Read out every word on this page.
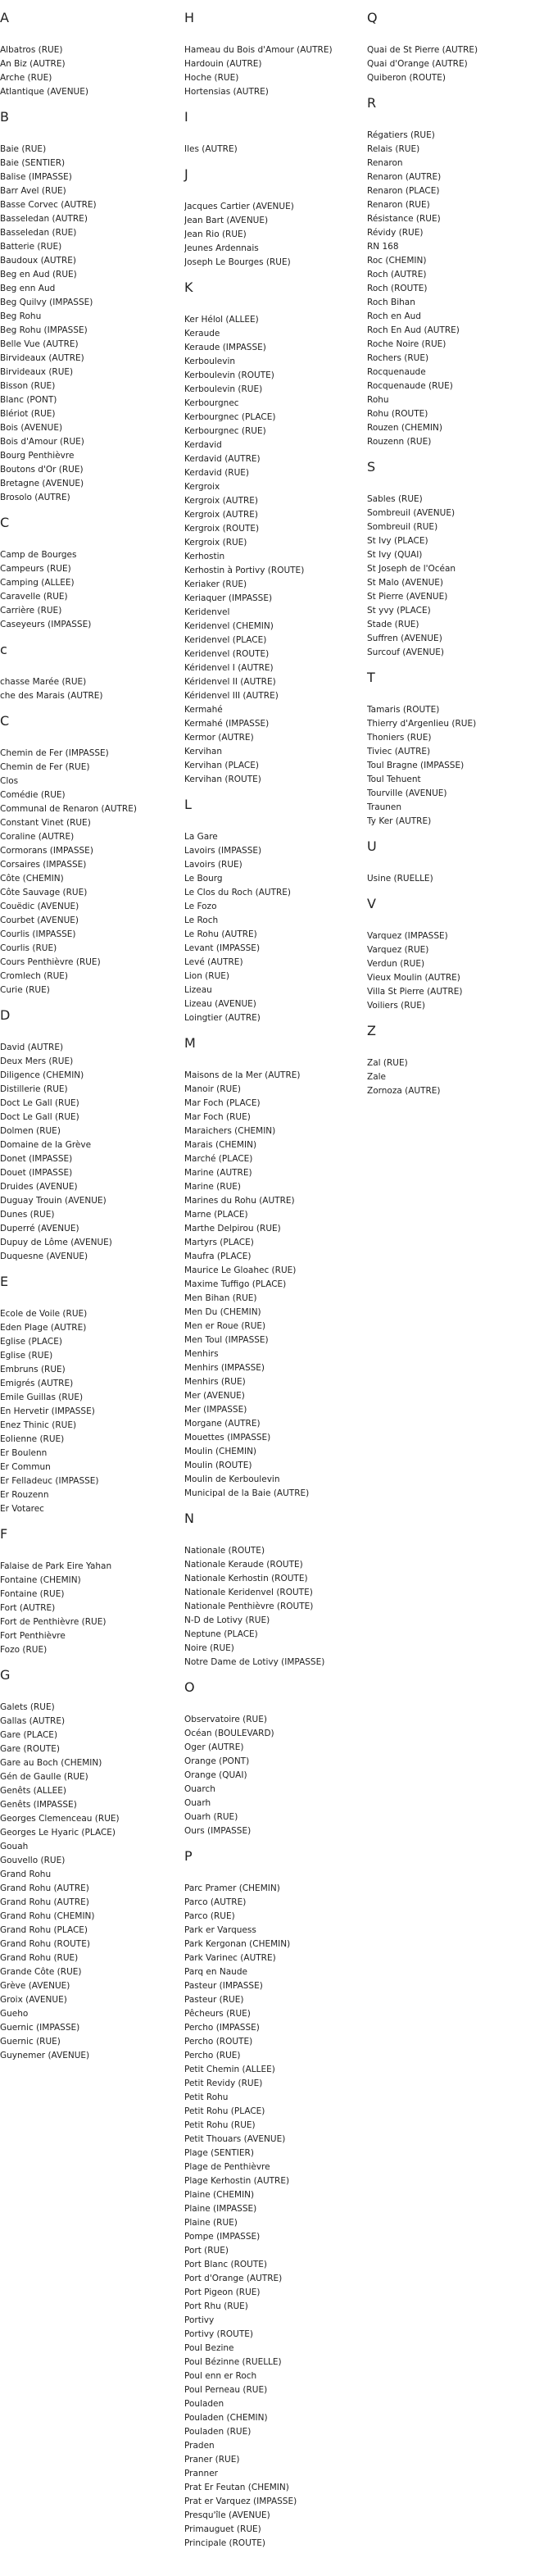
A
Albatros (RUE)
An Biz (AUTRE)
Arche (RUE)
Atlantique (AVENUE)
B
Baie (RUE)
Baie (SENTIER)
Balise (IMPASSE)
Barr Avel (RUE)
Basse Corvec (AUTRE)
Basseledan (AUTRE)
Basseledan (RUE)
Batterie (RUE)
Baudoux (AUTRE)
Beg en Aud (RUE)
Beg enn Aud
Beg Quilvy (IMPASSE)
Beg Rohu
Beg Rohu (IMPASSE)
Belle Vue (AUTRE)
Birvideaux (AUTRE)
Birvideaux (RUE)
Bisson (RUE)
Blanc (PONT)
Blériot (RUE)
Bois (AVENUE)
Bois d'Amour (RUE)
Bourg Penthièvre
Boutons d'Or (RUE)
Bretagne (AVENUE)
Brosolo (AUTRE)
C
Camp de Bourges
Campeurs (RUE)
Camping (ALLEE)
Caravelle (RUE)
Carrière (RUE)
Caseyeurs (IMPASSE)
c
chasse Marée (RUE)
che des Marais (AUTRE)
C
Chemin de Fer (IMPASSE)
Chemin de Fer (RUE)
Clos
Comédie (RUE)
Communal de Renaron (AUTRE)
Constant Vinet (RUE)
Coraline (AUTRE)
Cormorans (IMPASSE)
Corsaires (IMPASSE)
Côte (CHEMIN)
Côte Sauvage (RUE)
Couëdic (AVENUE)
Courbet (AVENUE)
Courlis (IMPASSE)
Courlis (RUE)
Cours Penthièvre (RUE)
Cromlech (RUE)
Curie (RUE)
D
David (AUTRE)
Deux Mers (RUE)
Diligence (CHEMIN)
Distillerie (RUE)
Doct Le Gall (RUE)
Doct Le Gall (RUE)
Dolmen (RUE)
Domaine de la Grève
Donet (IMPASSE)
Douet (IMPASSE)
Druides (AVENUE)
Duguay Trouin (AVENUE)
Dunes (RUE)
Duperré (AVENUE)
Dupuy de Lôme (AVENUE)
Duquesne (AVENUE)
E
Ecole de Voile (RUE)
Eden Plage (AUTRE)
Eglise (PLACE)
Eglise (RUE)
Embruns (RUE)
Emigrés (AUTRE)
Emile Guillas (RUE)
En Hervetir (IMPASSE)
Enez Thinic (RUE)
Eolienne (RUE)
Er Boulenn
Er Commun
Er Felladeuc (IMPASSE)
Er Rouzenn
Er Votarec
F
Falaise de Park Eire Yahan
Fontaine (CHEMIN)
Fontaine (RUE)
Fort (AUTRE)
Fort de Penthièvre (RUE)
Fort Penthièvre
Fozo (RUE)
G
Galets (RUE)
Gallas (AUTRE)
Gare (PLACE)
Gare (ROUTE)
Gare au Boch (CHEMIN)
Gén de Gaulle (RUE)
Genêts (ALLEE)
Genêts (IMPASSE)
Georges Clemenceau (RUE)
Georges Le Hyaric (PLACE)
Gouah
Gouvello (RUE)
Grand Rohu
Grand Rohu (AUTRE)
Grand Rohu (AUTRE)
Grand Rohu (CHEMIN)
Grand Rohu (PLACE)
Grand Rohu (ROUTE)
Grand Rohu (RUE)
Grande Côte (RUE)
Grève (AVENUE)
Groix (AVENUE)
Gueho
Guernic (IMPASSE)
Guernic (RUE)
Guynemer (AVENUE)
H
Hameau du Bois d'Amour (AUTRE)
Hardouin (AUTRE)
Hoche (RUE)
Hortensias (AUTRE)
I
Iles (AUTRE)
J
Jacques Cartier (AVENUE)
Jean Bart (AVENUE)
Jean Rio (RUE)
Jeunes Ardennais
Joseph Le Bourges (RUE)
K
Ker Hélol (ALLEE)
Keraude
Keraude (IMPASSE)
Kerboulevin
Kerboulevin (ROUTE)
Kerboulevin (RUE)
Kerbourgnec
Kerbourgnec (PLACE)
Kerbourgnec (RUE)
Kerdavid
Kerdavid (AUTRE)
Kerdavid (RUE)
Kergroix
Kergroix (AUTRE)
Kergroix (AUTRE)
Kergroix (ROUTE)
Kergroix (RUE)
Kerhostin
Kerhostin à Portivy (ROUTE)
Keriaker (RUE)
Keriaquer (IMPASSE)
Keridenvel
Keridenvel (CHEMIN)
Keridenvel (PLACE)
Keridenvel (ROUTE)
Kéridenvel I (AUTRE)
Kéridenvel II (AUTRE)
Kéridenvel III (AUTRE)
Kermahé
Kermahé (IMPASSE)
Kermor (AUTRE)
Kervihan
Kervihan (PLACE)
Kervihan (ROUTE)
L
La Gare
Lavoirs (IMPASSE)
Lavoirs (RUE)
Le Bourg
Le Clos du Roch (AUTRE)
Le Fozo
Le Roch
Le Rohu (AUTRE)
Levant (IMPASSE)
Levé (AUTRE)
Lion (RUE)
Lizeau
Lizeau (AVENUE)
Loingtier (AUTRE)
M
Maisons de la Mer (AUTRE)
Manoir (RUE)
Mar Foch (PLACE)
Mar Foch (RUE)
Maraichers (CHEMIN)
Marais (CHEMIN)
Marché (PLACE)
Marine (AUTRE)
Marine (RUE)
Marines du Rohu (AUTRE)
Marne (PLACE)
Marthe Delpirou (RUE)
Martyrs (PLACE)
Maufra (PLACE)
Maurice Le Gloahec (RUE)
Maxime Tuffigo (PLACE)
Men Bihan (RUE)
Men Du (CHEMIN)
Men er Roue (RUE)
Men Toul (IMPASSE)
Menhirs
Menhirs (IMPASSE)
Menhirs (RUE)
Mer (AVENUE)
Mer (IMPASSE)
Morgane (AUTRE)
Mouettes (IMPASSE)
Moulin (CHEMIN)
Moulin (ROUTE)
Moulin de Kerboulevin
Municipal de la Baie (AUTRE)
N
Nationale (ROUTE)
Nationale Keraude (ROUTE)
Nationale Kerhostin (ROUTE)
Nationale Keridenvel (ROUTE)
Nationale Penthièvre (ROUTE)
N-D de Lotivy (RUE)
Neptune (PLACE)
Noire (RUE)
Notre Dame de Lotivy (IMPASSE)
O
Observatoire (RUE)
Océan (BOULEVARD)
Oger (AUTRE)
Orange (PONT)
Orange (QUAI)
Ouarch
Ouarh
Ouarh (RUE)
Ours (IMPASSE)
P
Parc Pramer (CHEMIN)
Parco (AUTRE)
Parco (RUE)
Park er Varquess
Park Kergonan (CHEMIN)
Park Varinec (AUTRE)
Parq en Naude
Pasteur (IMPASSE)
Pasteur (RUE)
Pêcheurs (RUE)
Percho (IMPASSE)
Percho (ROUTE)
Percho (RUE)
Petit Chemin (ALLEE)
Petit Revidy (RUE)
Petit Rohu
Petit Rohu (PLACE)
Petit Rohu (RUE)
Petit Thouars (AVENUE)
Plage (SENTIER)
Plage de Penthièvre
Plage Kerhostin (AUTRE)
Plaine (CHEMIN)
Plaine (IMPASSE)
Plaine (RUE)
Pompe (IMPASSE)
Port (RUE)
Port Blanc (ROUTE)
Port d'Orange (AUTRE)
Port Pigeon (RUE)
Port Rhu (RUE)
Portivy
Portivy (ROUTE)
Poul Bezine
Poul Bézinne (RUELLE)
Poul enn er Roch
Poul Perneau (RUE)
Pouladen
Pouladen (CHEMIN)
Pouladen (RUE)
Praden
Praner (RUE)
Pranner
Prat Er Feutan (CHEMIN)
Prat er Varquez (IMPASSE)
Presqu'île (AVENUE)
Primauguet (RUE)
Principale (ROUTE)
Q
Quai de St Pierre (AUTRE)
Quai d'Orange (AUTRE)
Quiberon (ROUTE)
R
Régatiers (RUE)
Relais (RUE)
Renaron
Renaron (AUTRE)
Renaron (PLACE)
Renaron (RUE)
Résistance (RUE)
Révidy (RUE)
RN 168
Roc (CHEMIN)
Roch (AUTRE)
Roch (ROUTE)
Roch Bihan
Roch en Aud
Roch En Aud (AUTRE)
Roche Noire (RUE)
Rochers (RUE)
Rocquenaude
Rocquenaude (RUE)
Rohu
Rohu (ROUTE)
Rouzen (CHEMIN)
Rouzenn (RUE)
S
Sables (RUE)
Sombreuil (AVENUE)
Sombreuil (RUE)
St Ivy (PLACE)
St Ivy (QUAI)
St Joseph de l'Océan
St Malo (AVENUE)
St Pierre (AVENUE)
St yvy (PLACE)
Stade (RUE)
Suffren (AVENUE)
Surcouf (AVENUE)
T
Tamaris (ROUTE)
Thierry d'Argenlieu (RUE)
Thoniers (RUE)
Tiviec (AUTRE)
Toul Bragne (IMPASSE)
Toul Tehuent
Tourville (AVENUE)
Traunen
Ty Ker (AUTRE)
U
Usine (RUELLE)
V
Varquez (IMPASSE)
Varquez (RUE)
Verdun (RUE)
Vieux Moulin (AUTRE)
Villa St Pierre (AUTRE)
Voiliers (RUE)
Z
Zal (RUE)
Zale
Zornoza (AUTRE)
